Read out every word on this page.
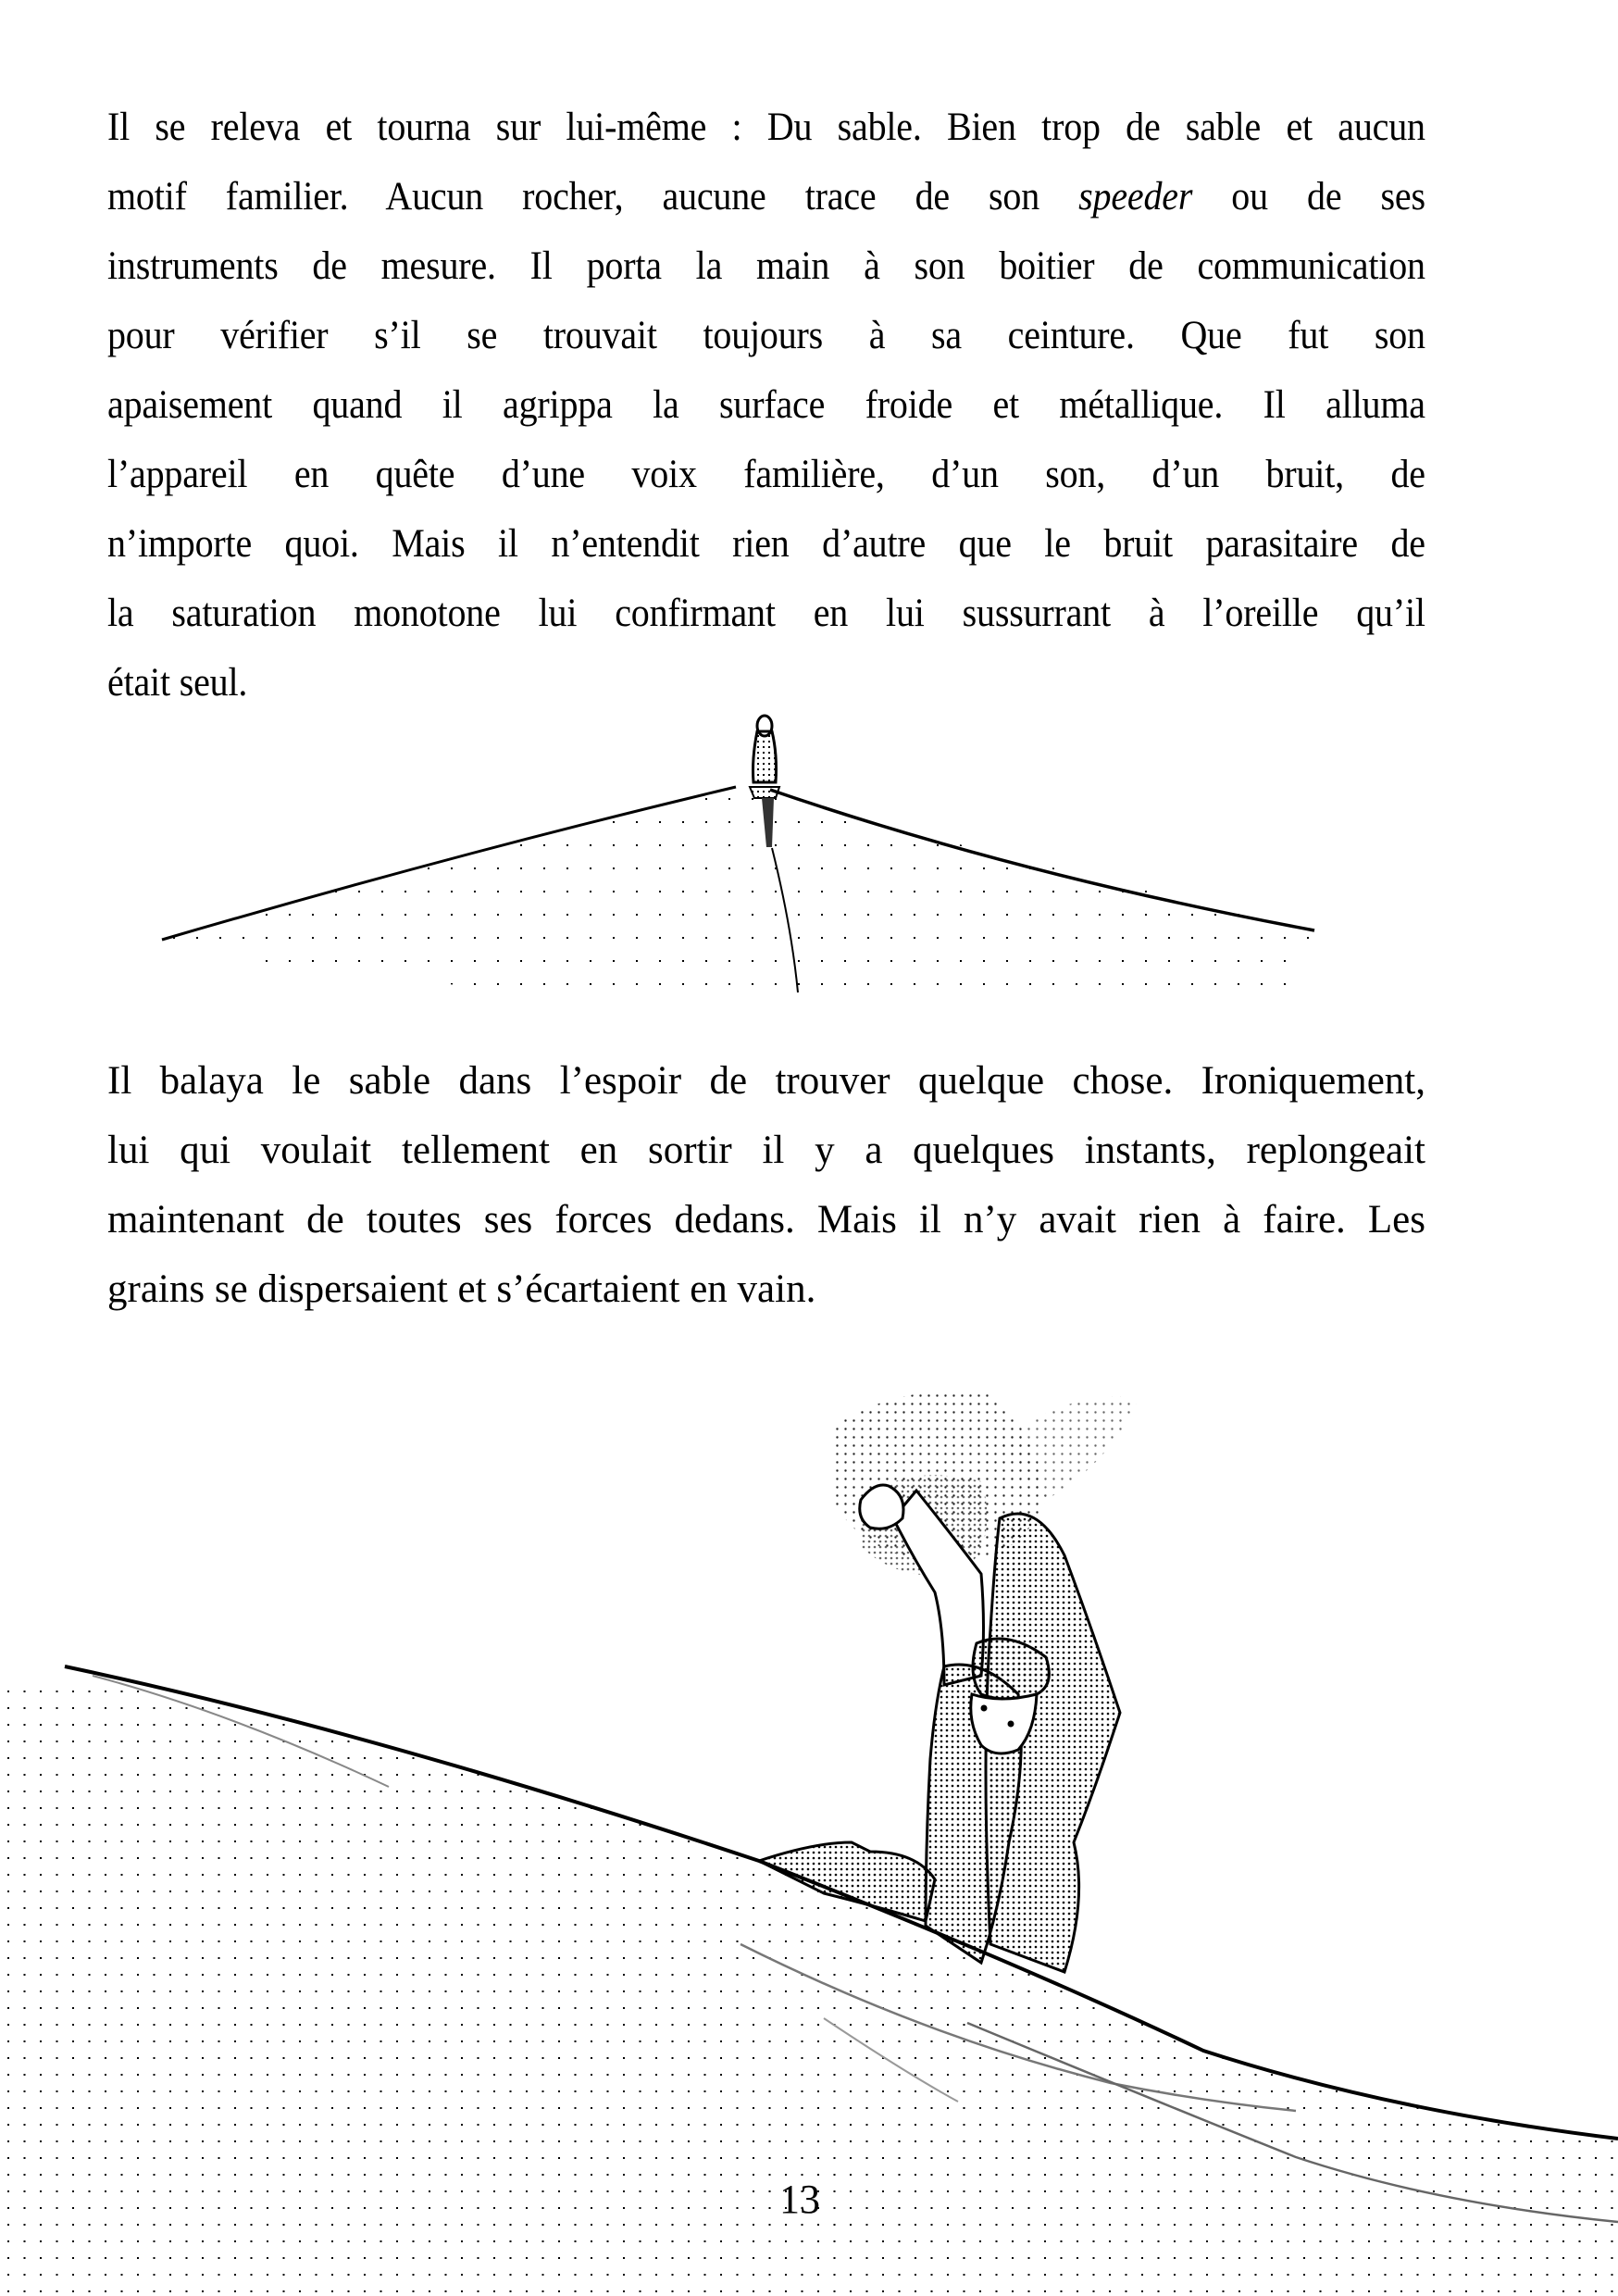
Il se releva et tourna sur lui-même : Du sable. Bien trop de sable et aucun
motif familier. Aucun rocher, aucune trace de son speeder ou de ses
instruments de mesure. Il porta la main à son boitier de communication
pour vérifier s’il se trouvait toujours à sa ceinture. Que fut son
apaisement quand il agrippa la surface froide et métallique. Il alluma
l’appareil en quête d’une voix familière, d’un son, d’un bruit, de
n’importe quoi. Mais il n’entendit rien d’autre que le bruit parasitaire de
la saturation monotone lui confirmant en lui sussurrant à l’oreille qu’il
était seul.
Il balaya le sable dans l’espoir de trouver quelque chose. Ironiquement,
lui qui voulait tellement en sortir il y a quelques instants, replongeait
maintenant de toutes ses forces dedans. Mais il n’y avait rien à faire. Les
grains se dispersaient et s’écartaient en vain.
13
